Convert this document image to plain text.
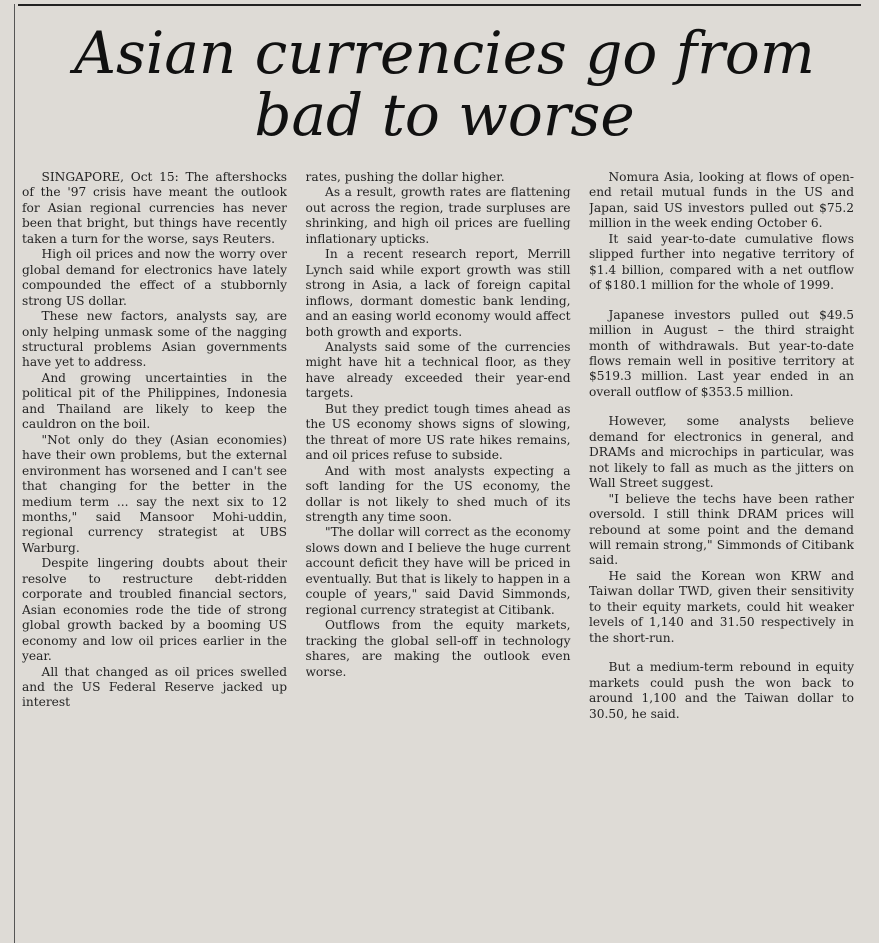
Asian currencies go from bad to worse

SINGAPORE, Oct 15: The aftershocks of the '97 crisis have meant the outlook for Asian regional currencies has never been that bright, but things have recently taken a turn for the worse, says Reuters.

High oil prices and now the worry over global demand for electronics have lately compounded the effect of a stubbornly strong US dollar.

These new factors, analysts say, are only helping unmask some of the nagging structural problems Asian governments have yet to address.

And growing uncertainties in the political pit of the Philippines, Indonesia and Thailand are likely to keep the cauldron on the boil.

"Not only do they (Asian economies) have their own problems, but the external environment has worsened and I can't see that changing for the better in the medium term ... say the next six to 12 months," said Mansoor Mohi-uddin, regional currency strategist at UBS Warburg.

Despite lingering doubts about their resolve to restructure debt-ridden corporate and troubled financial sectors, Asian economies rode the tide of strong global growth backed by a booming US economy and low oil prices earlier in the year.

All that changed as oil prices swelled and the US Federal Reserve jacked up interest

rates, pushing the dollar higher.

As a result, growth rates are flattening out across the region, trade surpluses are shrinking, and high oil prices are fuelling inflationary upticks.

In a recent research report, Merrill Lynch said while export growth was still strong in Asia, a lack of foreign capital inflows, dormant domestic bank lending, and an easing world economy would affect both growth and exports.

Analysts said some of the currencies might have hit a technical floor, as they have already exceeded their year-end targets.

But they predict tough times ahead as the US economy shows signs of slowing, the threat of more US rate hikes remains, and oil prices refuse to subside.

And with most analysts expecting a soft landing for the US economy, the dollar is not likely to shed much of its strength any time soon.

"The dollar will correct as the economy slows down and I believe the huge current account deficit they have will be priced in eventually. But that is likely to happen in a couple of years," said David Simmonds, regional currency strategist at Citibank.

Outflows from the equity markets, tracking the global sell-off in technology shares, are making the outlook even worse.

Nomura Asia, looking at flows of open-end retail mutual funds in the US and Japan, said US investors pulled out $75.2 million in the week ending October 6.

It said year-to-date cumulative flows slipped further into negative territory of $1.4 billion, compared with a net outflow of $180.1 million for the whole of 1999.

Japanese investors pulled out $49.5 million in August – the third straight month of withdrawals. But year-to-date flows remain well in positive territory at $519.3 million. Last year ended in an overall outflow of $353.5 million.

However, some analysts believe demand for electronics in general, and DRAMs and microchips in particular, was not likely to fall as much as the jitters on Wall Street suggest.

"I believe the techs have been rather oversold. I still think DRAM prices will rebound at some point and the demand will remain strong," Simmonds of Citibank said.

He said the Korean won KRW and Taiwan dollar TWD, given their sensitivity to their equity markets, could hit weaker levels of 1,140 and 31.50 respectively in the short-run.

But a medium-term rebound in equity markets could push the won back to around 1,100 and the Taiwan dollar to 30.50, he said.
